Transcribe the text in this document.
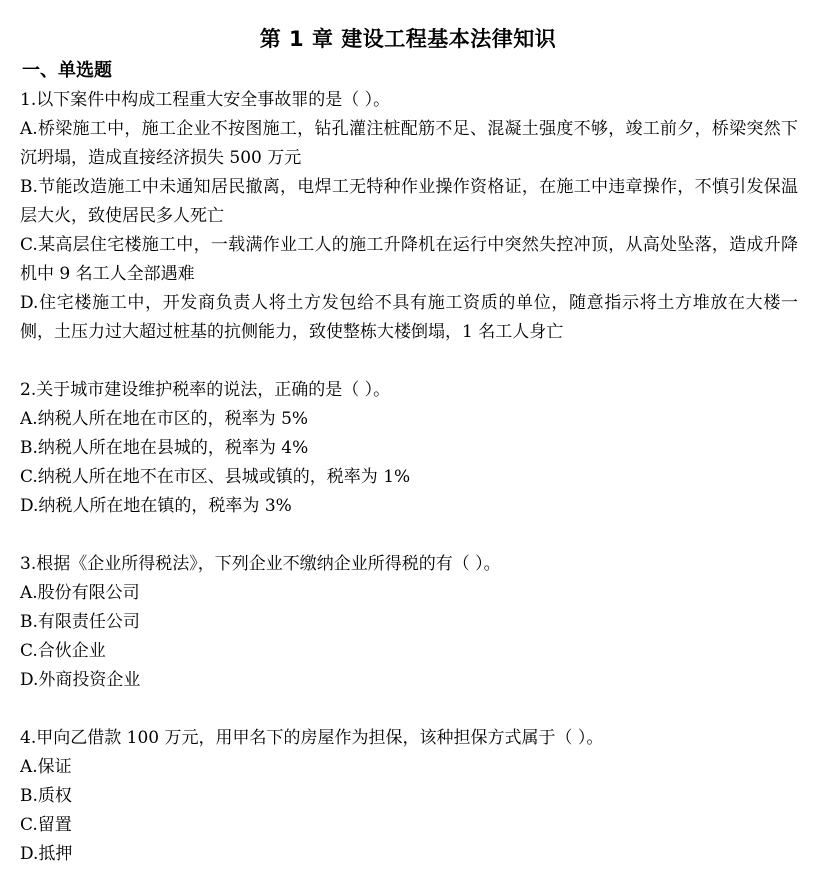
第 1 章 建设工程基本法律知识
一、单选题
1.以下案件中构成工程重大安全事故罪的是（ ）。
A.桥梁施工中，施工企业不按图施工，钻孔灌注桩配筋不足、混凝土强度不够，竣工前夕，桥梁突然下沉坍塌，造成直接经济损失 500 万元
B.节能改造施工中未通知居民撤离，电焊工无特种作业操作资格证，在施工中违章操作，不慎引发保温层大火，致使居民多人死亡
C.某高层住宅楼施工中，一载满作业工人的施工升降机在运行中突然失控冲顶，从高处坠落，造成升降机中 9 名工人全部遇难
D.住宅楼施工中，开发商负责人将土方发包给不具有施工资质的单位，随意指示将土方堆放在大楼一侧，土压力过大超过桩基的抗侧能力，致使整栋大楼倒塌，1 名工人身亡
2.关于城市建设维护税率的说法，正确的是（ ）。
A.纳税人所在地在市区的，税率为 5%
B.纳税人所在地在县城的，税率为 4%
C.纳税人所在地不在市区、县城或镇的，税率为 1%
D.纳税人所在地在镇的，税率为 3%
3.根据《企业所得税法》，下列企业不缴纳企业所得税的有（ ）。
A.股份有限公司
B.有限责任公司
C.合伙企业
D.外商投资企业
4.甲向乙借款 100 万元，用甲名下的房屋作为担保，该种担保方式属于（ ）。
A.保证
B.质权
C.留置
D.抵押
